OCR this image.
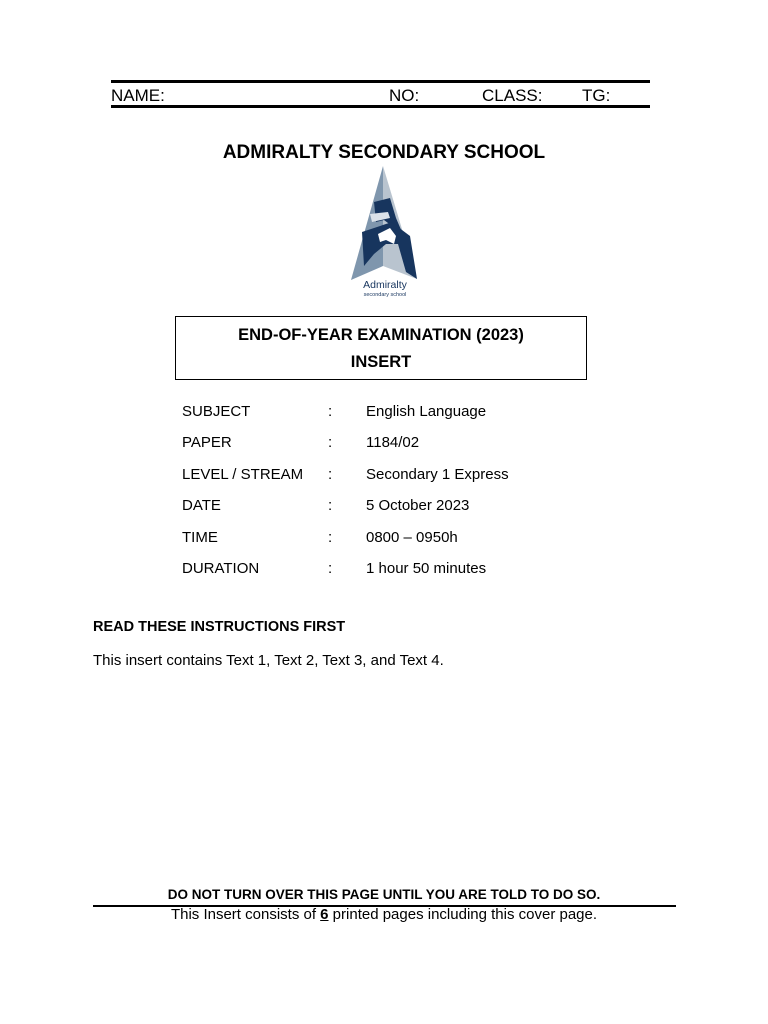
NAME:	NO:	CLASS: TG:
ADMIRALTY SECONDARY SCHOOL
Admiralty
secondary school
END-OF-YEAR EXAMINATION (2023)
INSERT
SUBJECT	: English Language
PAPER	: 1184/02
LEVEL / STREAM : Secondary 1 Express
DATE	: 5 October 2023
TIME	: 0800 – 0950h
DURATION	: 1 hour 50 minutes
READ THESE INSTRUCTIONS FIRST
This insert contains Text 1, Text 2, Text 3, and Text 4.
DO NOT TURN OVER THIS PAGE UNTIL YOU ARE TOLD TO DO SO.
This Insert consists of 6 printed pages including this cover page.
